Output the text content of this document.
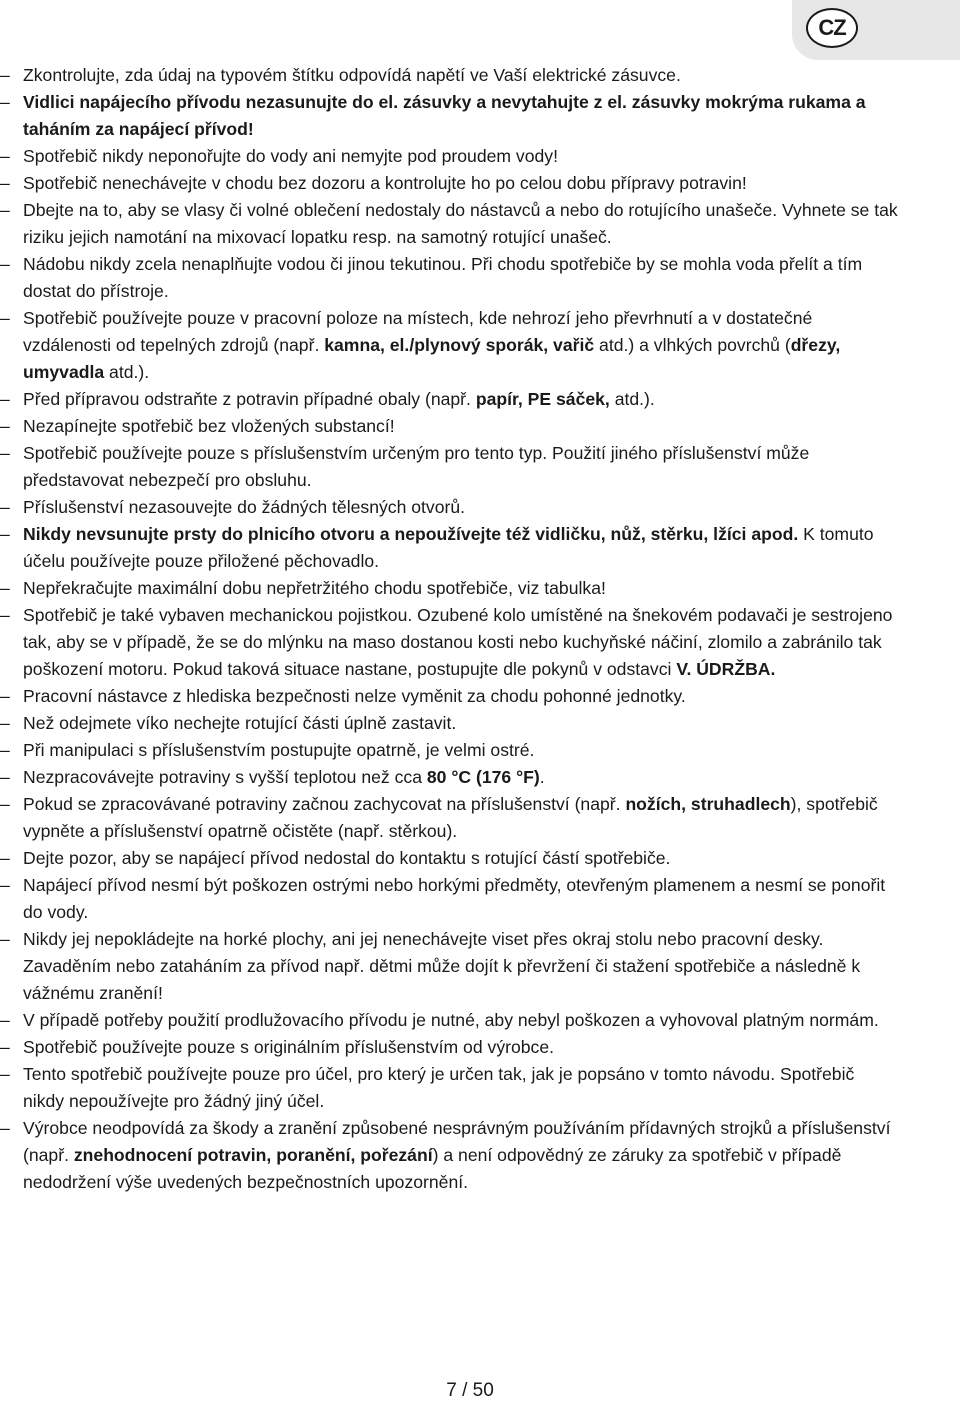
CZ
– Zkontrolujte, zda údaj na typovém štítku odpovídá napětí ve Vaší elektrické zásuvce.
– Vidlici napájecího přívodu nezasunujte do el. zásuvky a nevytahujte z el. zásuvky mokrýma rukama a taháním za napájecí přívod!
– Spotřebič nikdy neponořujte do vody ani nemyjte pod proudem vody!
– Spotřebič nenechávejte v chodu bez dozoru a kontrolujte ho po celou dobu přípravy potravin!
– Dbejte na to, aby se vlasy či volné oblečení nedostaly do nástavců a nebo do rotujícího unašeče. Vyhnete se tak riziku jejich namotání na mixovací lopatku resp. na samotný rotující unašeč.
– Nádobu nikdy zcela nenaplňujte vodou či jinou tekutinou. Při chodu spotřebiče by se mohla voda přelít a tím dostat do přístroje.
– Spotřebič používejte pouze v pracovní poloze na místech, kde nehrozí jeho převrhnutí a v dostatečné vzdálenosti od tepelných zdrojů (např. kamna, el./plynový sporák, vařič atd.) a vlhkých povrchů (dřezy, umyvadla atd.).
– Před přípravou odstraňte z potravin případné obaly (např. papír, PE sáček, atd.).
– Nezapínejte spotřebič bez vložených substancí!
– Spotřebič používejte pouze s příslušenstvím určeným pro tento typ. Použití jiného příslušenství může představovat nebezpečí pro obsluhu.
– Příslušenství nezasouvejte do žádných tělesných otvorů.
– Nikdy nevsunujte prsty do plnicího otvoru a nepoužívejte též vidličku, nůž, stěrku, lžíci apod. K tomuto účelu používejte pouze přiložené pěchovadlo.
– Nepřekračujte maximální dobu nepřetržitého chodu spotřebiče, viz tabulka!
– Spotřebič je také vybaven mechanickou pojistkou. Ozubené kolo umístěné na šnekovém podavači je sestrojeno tak, aby se v případě, že se do mlýnku na maso dostanou kosti nebo kuchyňské náčiní, zlomilo a zabránilo tak poškození motoru. Pokud taková situace nastane, postupujte dle pokynů v odstavci V. ÚDRŽBA.
– Pracovní nástavce z hlediska bezpečnosti nelze vyměnit za chodu pohonné jednotky.
– Než odejmete víko nechejte rotující části úplně zastavit.
– Při manipulaci s příslušenstvím postupujte opatrně, je velmi ostré.
– Nezpracovávejte potraviny s vyšší teplotou než cca 80 °C (176 °F).
– Pokud se zpracovávané potraviny začnou zachycovat na příslušenství (např. nožích, struhadlech), spotřebič vypněte a příslušenství opatrně očistěte (např. stěrkou).
– Dejte pozor, aby se napájecí přívod nedostal do kontaktu s rotující částí spotřebiče.
– Napájecí přívod nesmí být poškozen ostrými nebo horkými předměty, otevřeným plamenem a nesmí se ponořit do vody.
– Nikdy jej nepokládejte na horké plochy, ani jej nenechávejte viset přes okraj stolu nebo pracovní desky. Zavaděním nebo zataháním za přívod např. dětmi může dojít k převržení či stažení spotřebiče a následně k vážnému zranění!
– V případě potřeby použití prodlužovacího přívodu je nutné, aby nebyl poškozen a vyhovoval platným normám.
– Spotřebič používejte pouze s originálním příslušenstvím od výrobce.
– Tento spotřebič používejte pouze pro účel, pro který je určen tak, jak je popsáno v tomto návodu. Spotřebič nikdy nepoužívejte pro žádný jiný účel.
– Výrobce neodpovídá za škody a zranění způsobené nesprávným používáním přídavných strojků a příslušenství (např. znehodnocení potravin, poranění, pořezání) a není odpovědný ze záruky za spotřebič v případě nedodržení výše uvedených bezpečnostních upozornění.
7 / 50
